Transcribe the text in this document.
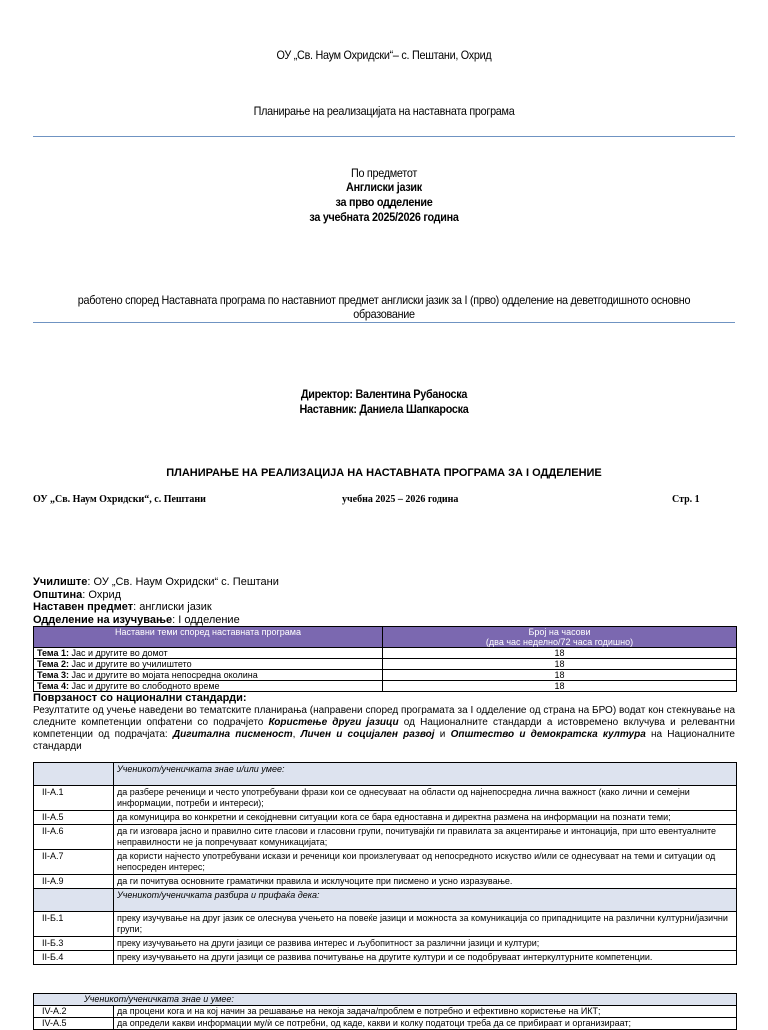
ОУ „Св. Наум Охридски“– с. Пештани, Охрид
Планирање на реализацијата на наставната програма
По предметот
Англиски јазик
за прво одделение
за учебната 2025/2026 година
работено според Наставната програма по наставниот предмет англиски јазик за I (прво) одделение на деветгодишното основно
образование
Директор: Валентина Рубаноска
Наставник: Даниела Шапкароска
ПЛАНИРАЊЕ НА РЕАЛИЗАЦИЈА НА НАСТАВНАТА ПРОГРАМА ЗА I ОДДЕЛЕНИЕ
ОУ „Св. Наум Охридски“, с. Пештани	учебна 2025 – 2026 година	Стр. 1
Училиште: ОУ „Св. Наум Охридски“ с. Пештани
Општина: Охрид
Наставен предмет: англиски јазик
Одделение на изучување: I одделение
Наставни теми според наставната програма	Број на часови
(два час неделно/72 часа годишно)
Тема 1: Јас и другите во домот	18
Тема 2: Јас и другите во училиштето	18
Тема 3: Јас и другите во мојата непосредна околина	18
Тема 4: Јас и другите во слободното време	18
Поврзаност со национални стандарди:
Резултатите од учење наведени во тематските планирања (направени според програмата за I одделение од страна на БРО) водат кон стекнување на следните компетенции опфатени со подрачјето Користење други јазици од Националните стандарди а истовремено вклучува и релевантни компетенции од подрачјата: Дигитална писменост, Личен и социјален развој и Општество и демократска култура на Националните стандарди
	Ученикот/ученичката знае и/или умее:
II-А.1	да разбере реченици и често употребувани фрази кои се однесуваат на области од најнепосредна лична важност (како лични и семејни информации, потреби и интереси);
II-А.5	да комуницира во конкретни и секојдневни ситуации кога се бара едноставна и директна размена на информации на познати теми;
II-А.6	да ги изговара јасно и правилно сите гласови и гласовни групи, почитувајќи ги правилата за акцентирање и интонација, при што евентуалните неправилности не ја попречуваат комуникацијата;
II-А.7	да користи најчесто употребувани искази и реченици кои произлегуваат од непосредното искуство и/или се однесуваат на теми и ситуации од непосреден интерес;
II-А.9	да ги почитува основните граматички правила и исклучоците при писмено и усно изразување.
	Ученикот/ученичката разбира и прифаќа дека:
II-Б.1	преку изучување на друг јазик се олеснува учењето на повеќе јазици и можноста за комуникација со припадниците на различни културни/јазични групи;
II-Б.3	преку изучувањето на други јазици се развива интерес и љубопитност за различни јазици и култури;
II-Б.4	преку изучувањето на други јазици се развива почитување на другите култури и се подобруваат интеркултурните компетенции.
Ученикот/ученичката знае и умее:	
IV-А.2	да процени кога и на кој начин за решавање на некоја задача/проблем е потребно и ефективно користење на ИКТ;
IV-А.5	да определи какви информации му/ѝ се потребни, од каде, какви и колку податоци треба да се прибираат и организираат;
